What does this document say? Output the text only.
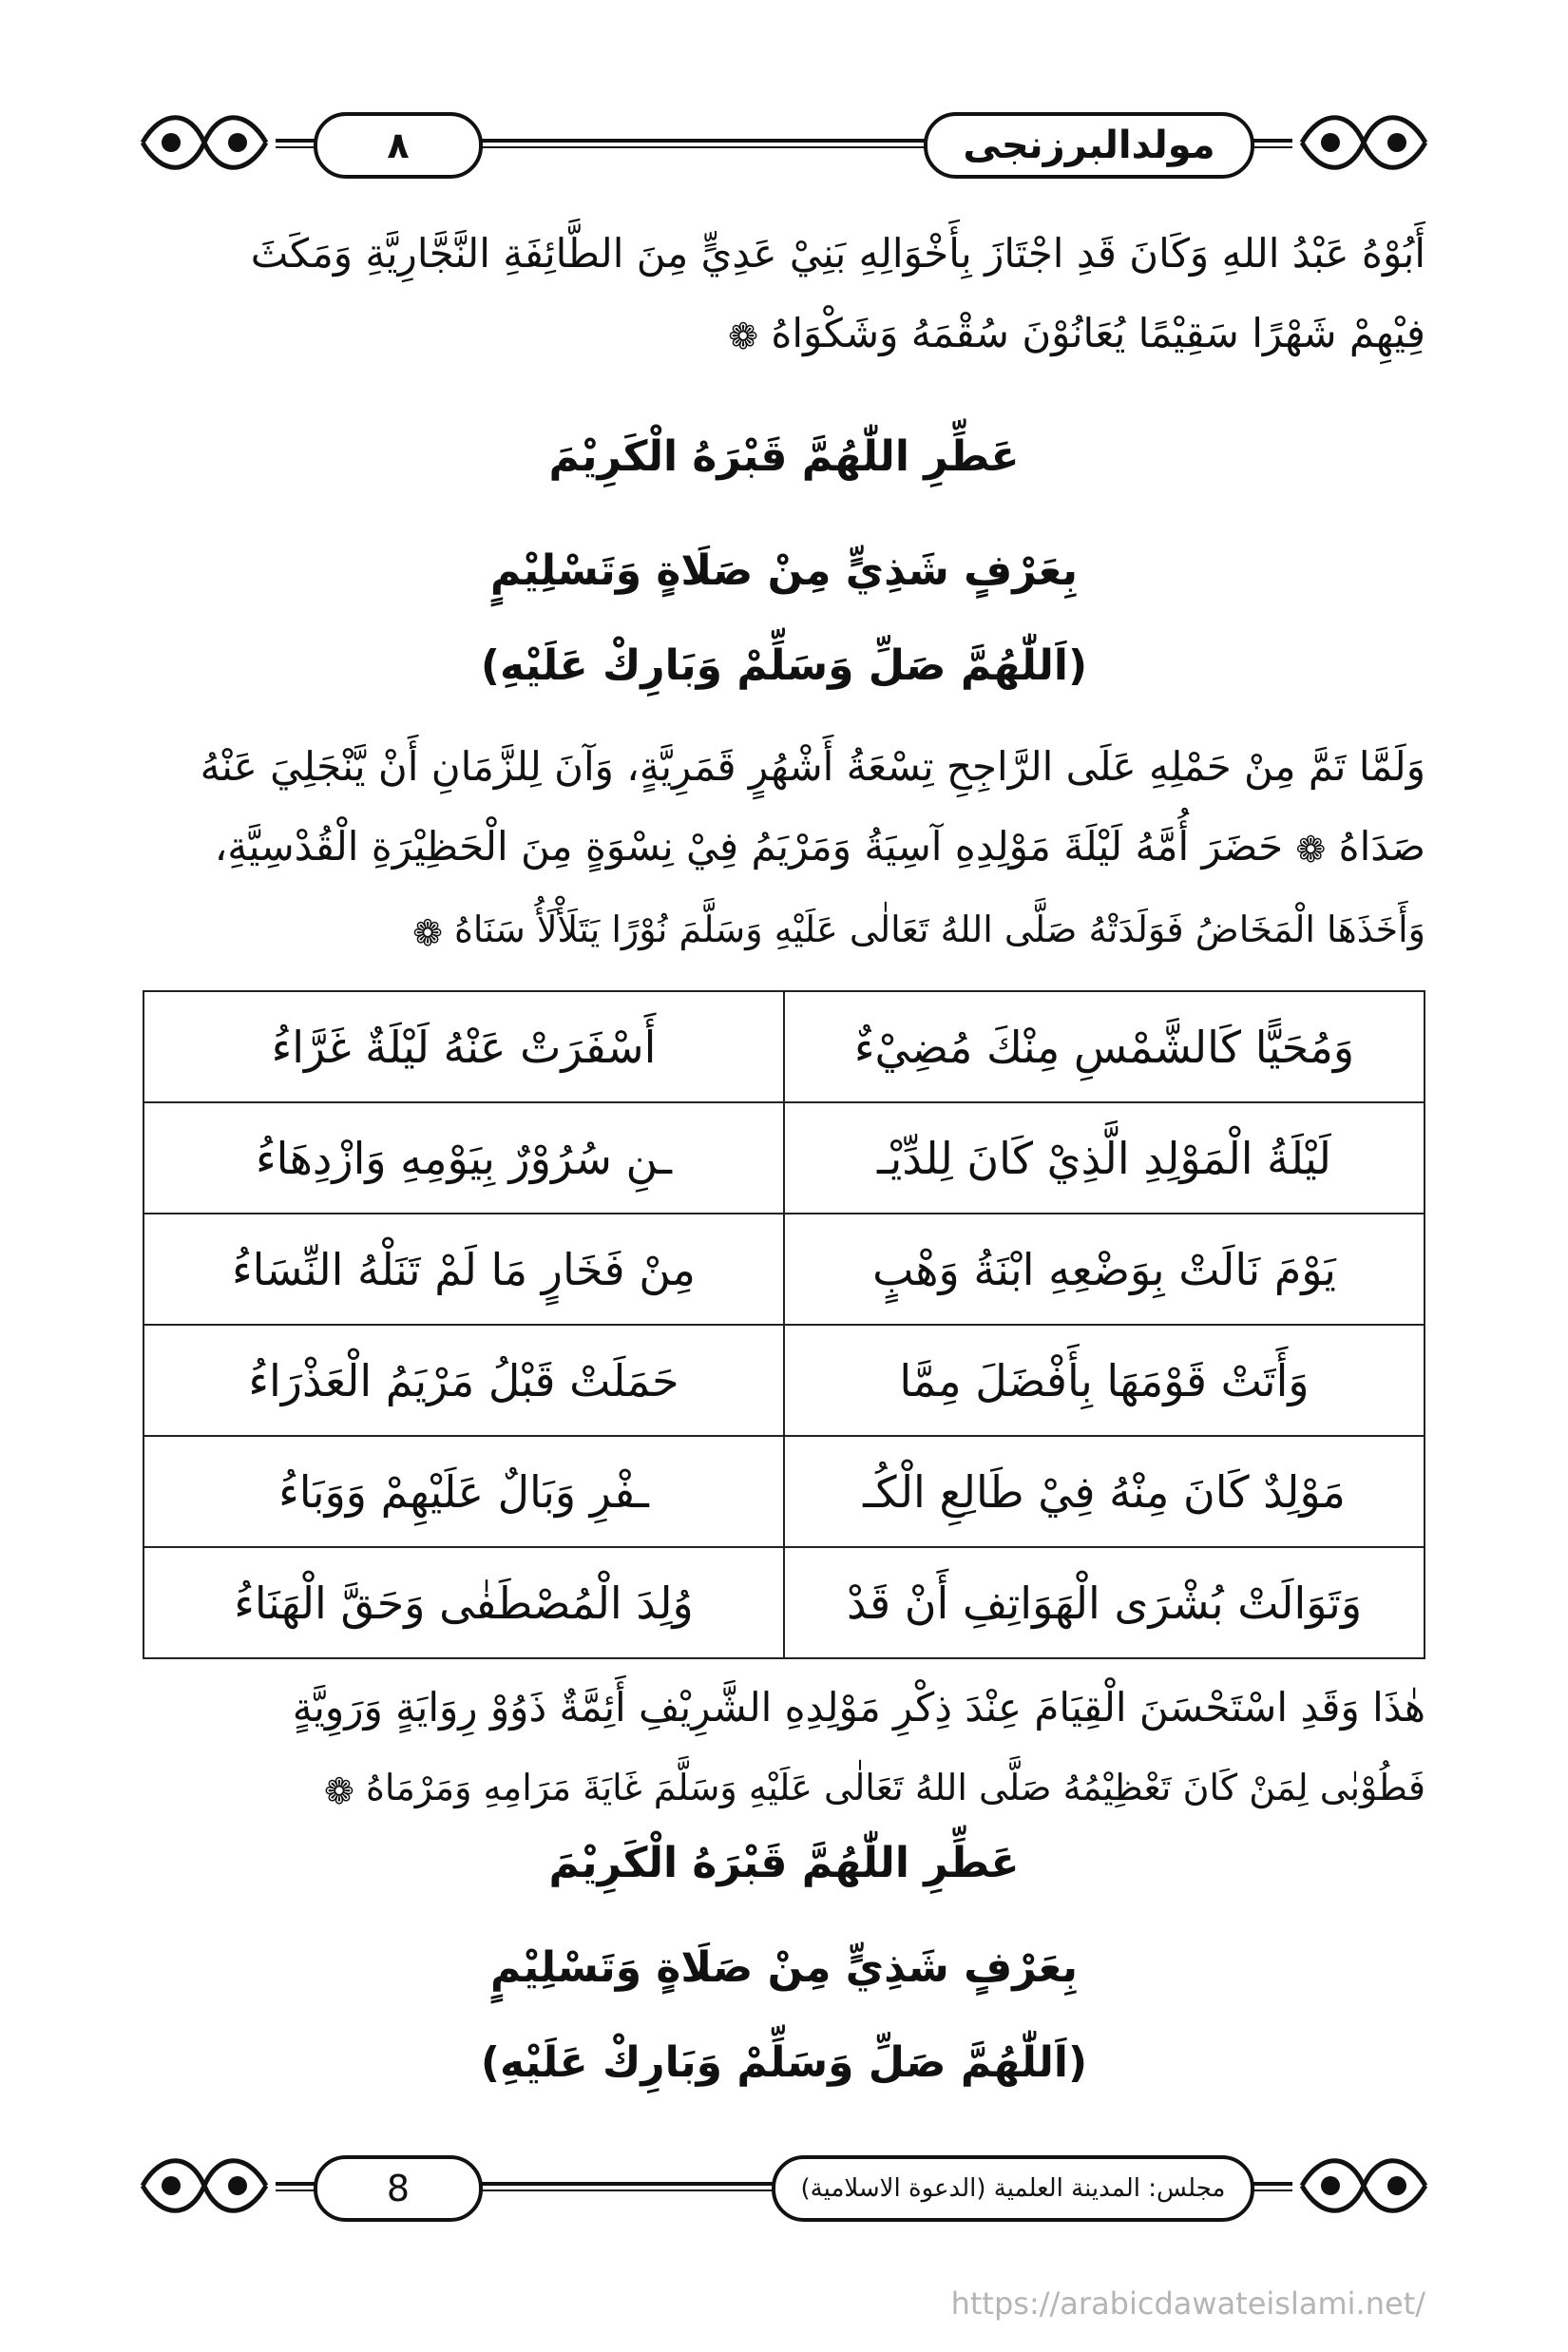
مولدالبرزنجى
۸
أَبُوْهُ عَبْدُ اللهِ وَكَانَ قَدِ اجْتَازَ بِأَخْوَالِهِ بَنِيْ عَدِيٍّ مِنَ الطَّائِفَةِ النَّجَّارِيَّةِ وَمَكَثَ
فِيْهِمْ شَهْرًا سَقِيْمًا يُعَانُوْنَ سُقْمَهُ وَشَكْوَاهُ ❁
عَطِّرِ اللّٰهُمَّ قَبْرَهُ الْكَرِيْمَ
بِعَرْفٍ شَذِيٍّ مِنْ صَلَاةٍ وَتَسْلِيْمٍ
(اَللّٰهُمَّ صَلِّ وَسَلِّمْ وَبَارِكْ عَلَيْهِ)
وَلَمَّا تَمَّ مِنْ حَمْلِهِ عَلَى الرَّاجِحِ تِسْعَةُ أَشْهُرٍ قَمَرِيَّةٍ، وَآنَ لِلزَّمَانِ أَنْ يَّنْجَلِيَ عَنْهُ
صَدَاهُ ❁ حَضَرَ أُمَّهُ لَيْلَةَ مَوْلِدِهِ آسِيَةُ وَمَرْيَمُ فِيْ نِسْوَةٍ مِنَ الْحَظِيْرَةِ الْقُدْسِيَّةِ،
وَأَخَذَهَا الْمَخَاضُ فَوَلَدَتْهُ صَلَّى اللهُ تَعَالٰى عَلَيْهِ وَسَلَّمَ نُوْرًا يَتَلَأْلَأُ سَنَاهُ ❁
وَمُحَيًّا كَالشَّمْسِ مِنْكَ مُضِيْءٌ	أَسْفَرَتْ عَنْهُ لَيْلَةٌ غَرَّاءُ
لَيْلَةُ الْمَوْلِدِ الَّذِيْ كَانَ لِلدِّيْـ	ـنِ سُرُوْرٌ بِيَوْمِهِ وَازْدِهَاءُ
يَوْمَ نَالَتْ بِوَضْعِهِ ابْنَةُ وَهْبٍ	مِنْ فَخَارٍ مَا لَمْ تَنَلْهُ النِّسَاءُ
وَأَتَتْ قَوْمَهَا بِأَفْضَلَ مِمَّا	حَمَلَتْ قَبْلُ مَرْيَمُ الْعَذْرَاءُ
مَوْلِدٌ كَانَ مِنْهُ فِيْ طَالِعِ الْكُـ	ـفْرِ وَبَالٌ عَلَيْهِمْ وَوَبَاءُ
وَتَوَالَتْ بُشْرَى الْهَوَاتِفِ أَنْ قَدْ	وُلِدَ الْمُصْطَفٰى وَحَقَّ الْهَنَاءُ
هٰذَا وَقَدِ اسْتَحْسَنَ الْقِيَامَ عِنْدَ ذِكْرِ مَوْلِدِهِ الشَّرِيْفِ أَئِمَّةٌ ذَوُوْ رِوَايَةٍ وَرَوِيَّةٍ
فَطُوْبٰى لِمَنْ كَانَ تَعْظِيْمُهُ صَلَّى اللهُ تَعَالٰى عَلَيْهِ وَسَلَّمَ غَايَةَ مَرَامِهِ وَمَرْمَاهُ ❁
عَطِّرِ اللّٰهُمَّ قَبْرَهُ الْكَرِيْمَ
بِعَرْفٍ شَذِيٍّ مِنْ صَلَاةٍ وَتَسْلِيْمٍ
(اَللّٰهُمَّ صَلِّ وَسَلِّمْ وَبَارِكْ عَلَيْهِ)
مجلس: المدينة العلمية (الدعوة الاسلامية)
8
https://arabicdawateislami.net/
